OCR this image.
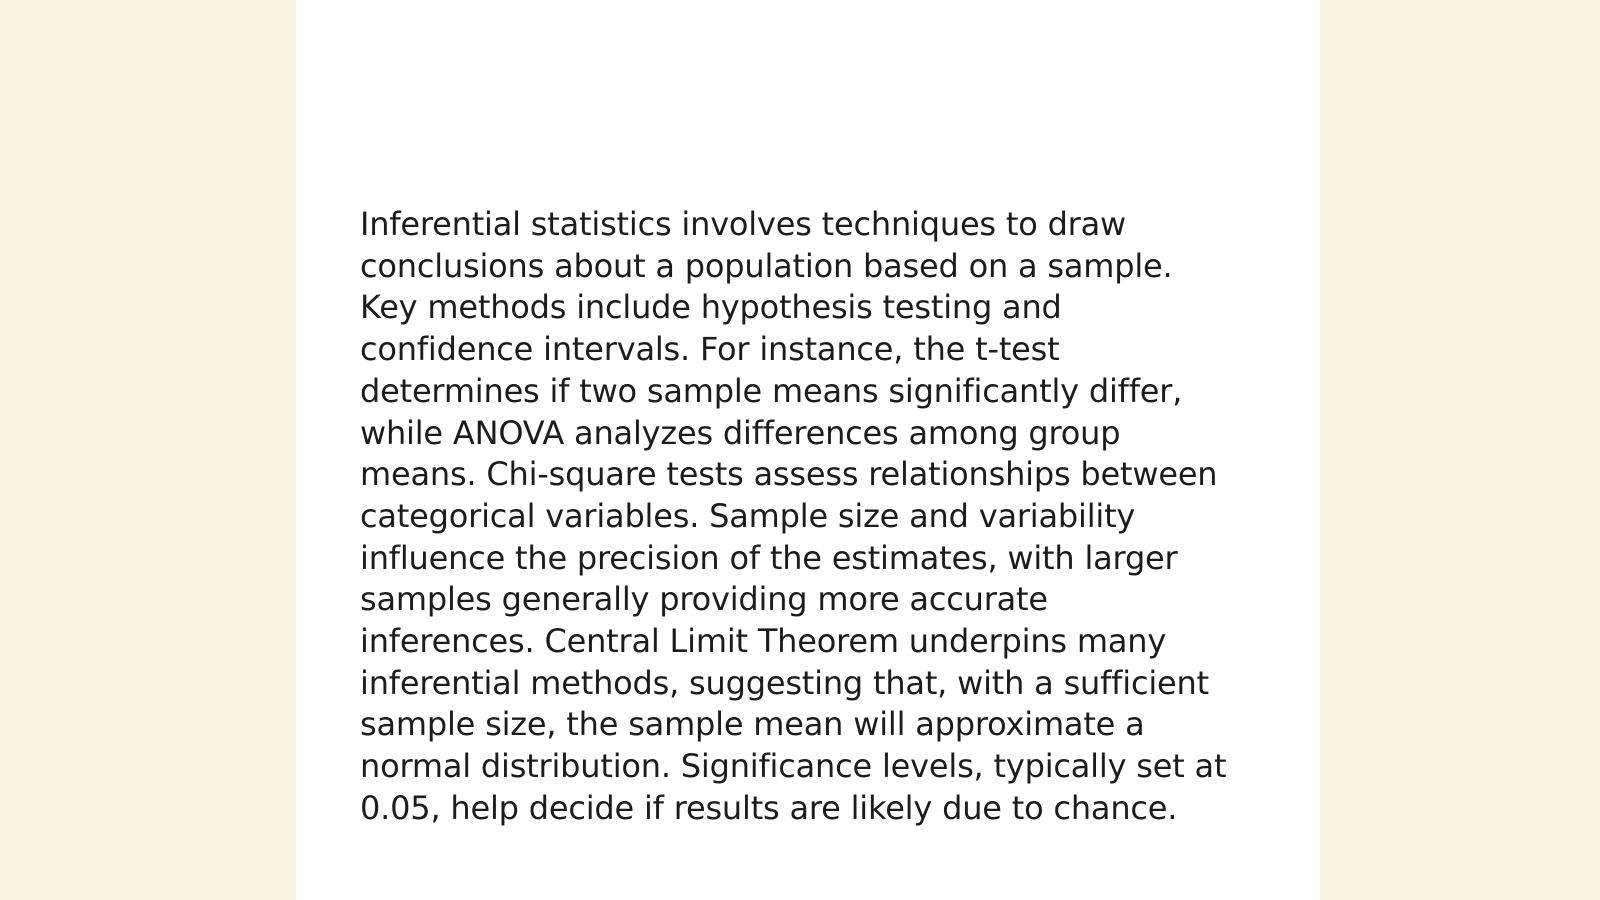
Inferential statistics involves techniques to draw
conclusions about a population based on a sample.
Key methods include hypothesis testing and
confidence intervals. For instance, the t-test
determines if two sample means significantly differ,
while ANOVA analyzes differences among group
means. Chi-square tests assess relationships between
categorical variables. Sample size and variability
influence the precision of the estimates, with larger
samples generally providing more accurate
inferences. Central Limit Theorem underpins many
inferential methods, suggesting that, with a sufficient
sample size, the sample mean will approximate a
normal distribution. Significance levels, typically set at
0.05, help decide if results are likely due to chance.
